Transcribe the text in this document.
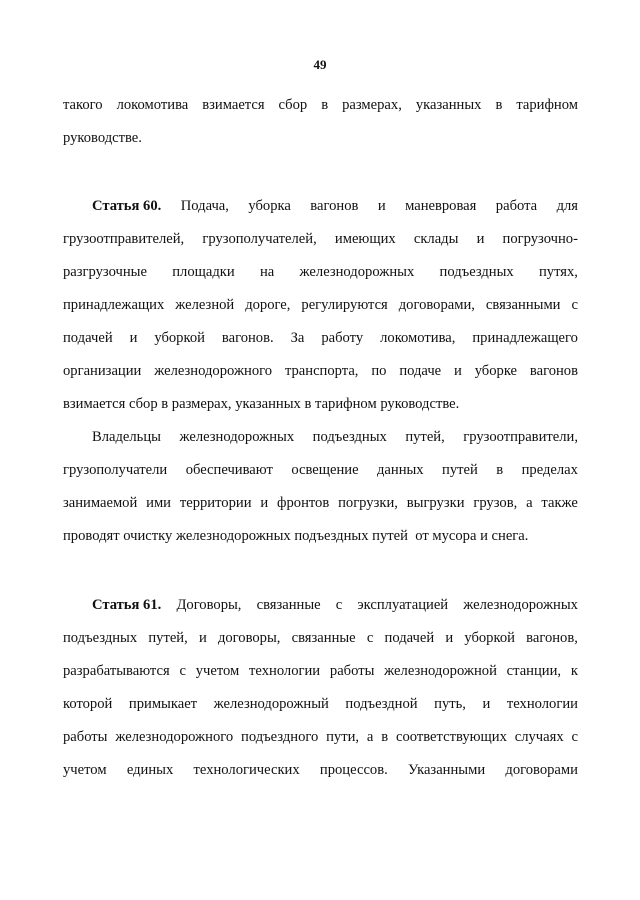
49
такого локомотива взимается сбор в размерах, указанных в тарифном
руководстве.
Статья 60. Подача, уборка вагонов и маневровая работа для
грузоотправителей, грузополучателей, имеющих склады и погрузочно-
разгрузочные площадки на железнодорожных подъездных путях,
принадлежащих железной дороге, регулируются договорами, связанными с
подачей и уборкой вагонов. За работу локомотива, принадлежащего
организации железнодорожного транспорта, по подаче и уборке вагонов
взимается сбор в размерах, указанных в тарифном руководстве.
Владельцы железнодорожных подъездных путей, грузоотправители,
грузополучатели обеспечивают освещение данных путей в пределах
занимаемой ими территории и фронтов погрузки, выгрузки грузов, а также
проводят очистку железнодорожных подъездных путей  от мусора и снега.
Статья 61. Договоры, связанные с эксплуатацией железнодорожных
подъездных путей, и договоры, связанные с подачей и уборкой вагонов,
разрабатываются с учетом технологии работы железнодорожной станции, к
которой примыкает железнодорожный подъездной путь, и технологии
работы железнодорожного подъездного пути, а в соответствующих случаях с
учетом единых технологических процессов. Указанными договорами
